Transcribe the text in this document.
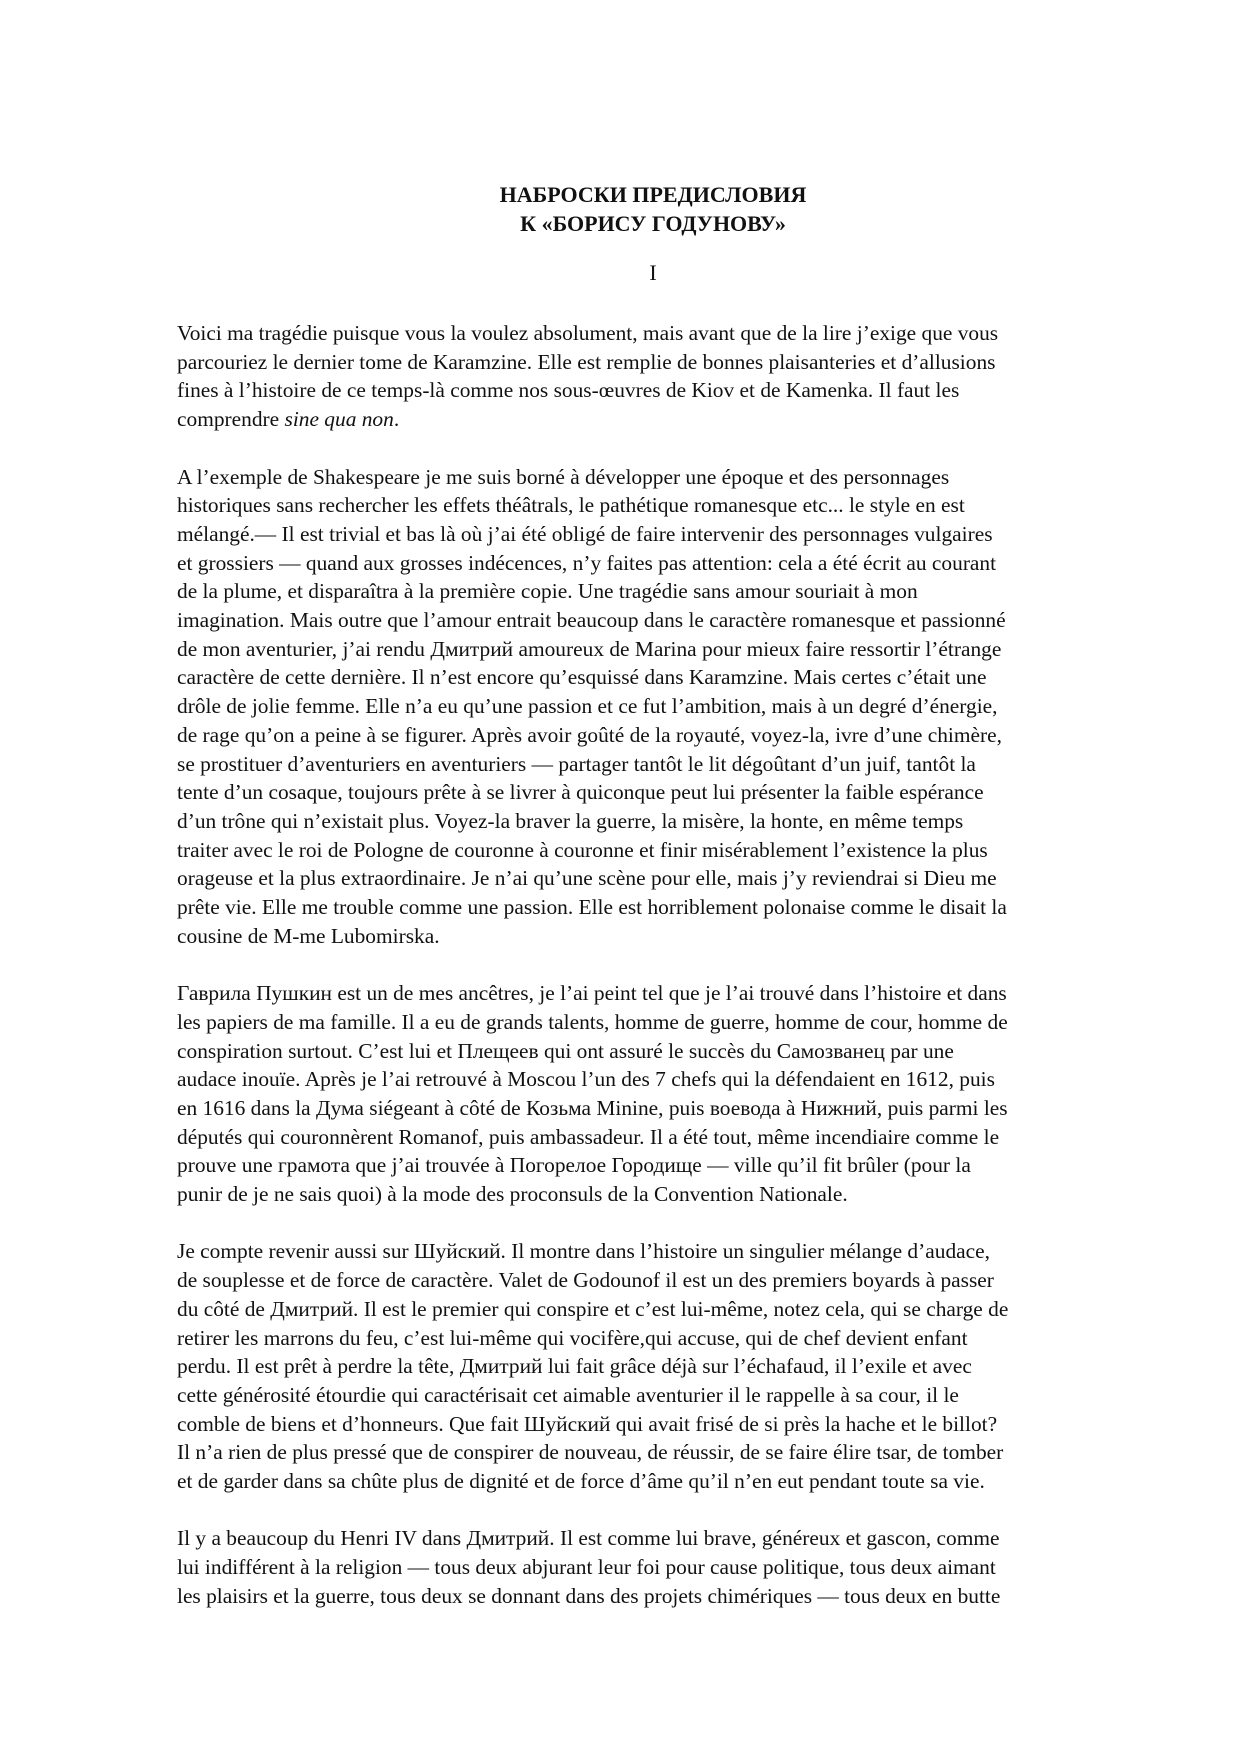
НАБРОСКИ ПРЕДИСЛОВИЯ
К «БОРИСУ ГОДУНОВУ»
I

Voici ma tragédie puisque vous la voulez absolument, mais avant que de la lire j’exige que vous
parcouriez le dernier tome de Karamzine. Elle est remplie de bonnes plaisanteries et d’allusions
fines à l’histoire de ce temps-là comme nos sous-œuvres de Kiov et de Kamenka. Il faut les
comprendre sine qua non.

A l’exemple de Shakespeare je me suis borné à développer une époque et des personnages
historiques sans rechercher les effets théâtrals, le pathétique romanesque etc... le style en est
mélangé.— Il est trivial et bas là où j’ai été obligé de faire intervenir des personnages vulgaires
et grossiers — quand aux grosses indécences, n’y faites pas attention: cela a été écrit au courant
de la plume, et disparaîtra à la première copie. Une tragédie sans amour souriait à mon
imagination. Mais outre que l’amour entrait beaucoup dans le caractère romanesque et passionné
de mon aventurier, j’ai rendu Дмитрий amoureux de Marina pour mieux faire ressortir l’étrange
caractère de cette dernière. Il n’est encore qu’esquissé dans Karamzine. Mais certes c’était une
drôle de jolie femme. Elle n’a eu qu’une passion et ce fut l’ambition, mais à un degré d’énergie,
de rage qu’on a peine à se figurer. Après avoir goûté de la royauté, voyez-la, ivre d’une chimère,
se prostituer d’aventuriers en aventuriers — partager tantôt le lit dégoûtant d’un juif, tantôt la
tente d’un cosaque, toujours prête à se livrer à quiconque peut lui présenter la faible espérance
d’un trône qui n’existait plus. Voyez-la braver la guerre, la misère, la honte, en même temps
traiter avec le roi de Pologne de couronne à couronne et finir misérablement l’existence la plus
orageuse et la plus extraordinaire. Je n’ai qu’une scène pour elle, mais j’y reviendrai si Dieu me
prête vie. Elle me trouble comme une passion. Elle est horriblement polonaise comme le disait la
cousine de M-me Lubomirska.

Гаврила Пушкин est un de mes ancêtres, je l’ai peint tel que je l’ai trouvé dans l’histoire et dans
les papiers de ma famille. Il a eu de grands talents, homme de guerre, homme de cour, homme de
conspiration surtout. C’est lui et Плещеев qui ont assuré le succès du Самозванец par une
audace inouïe. Après je l’ai retrouvé à Moscou l’un des 7 chefs qui la défendaient en 1612, puis
en 1616 dans la Дума siégeant à côté de Козьма Minine, puis воевода à Нижний, puis parmi les
députés qui couronnèrent Romanof, puis ambassadeur. Il a été tout, même incendiaire comme le
prouve une грамота que j’ai trouvée à Погорелое Городище — ville qu’il fit brûler (pour la
punir de je ne sais quoi) à la mode des proconsuls de la Convention Nationale.

Je compte revenir aussi sur Шуйский. Il montre dans l’histoire un singulier mélange d’audace,
de souplesse et de force de caractère. Valet de Godounof il est un des premiers boyards à passer
du côté de Дмитрий. Il est le premier qui conspire et c’est lui-même, notez cela, qui se charge de
retirer les marrons du feu, c’est lui-même qui vocifère,qui accuse, qui de chef devient enfant
perdu. Il est prêt à perdre la tête, Дмитрий lui fait grâce déjà sur l’échafaud, il l’exile et avec
cette générosité étourdie qui caractérisait cet aimable aventurier il le rappelle à sa cour, il le
comble de biens et d’honneurs. Que fait Шуйский qui avait frisé de si près la hache et le billot?
Il n’a rien de plus pressé que de conspirer de nouveau, de réussir, de se faire élire tsar, de tomber
et de garder dans sa chûte plus de dignité et de force d’âme qu’il n’en eut pendant toute sa vie.

Il y a beaucoup du Henri IV dans Дмитрий. Il est comme lui brave, généreux et gascon, comme
lui indifférent à la religion — tous deux abjurant leur foi pour cause politique, tous deux aimant
les plaisirs et la guerre, tous deux se donnant dans des projets chimériques — tous deux en butte
